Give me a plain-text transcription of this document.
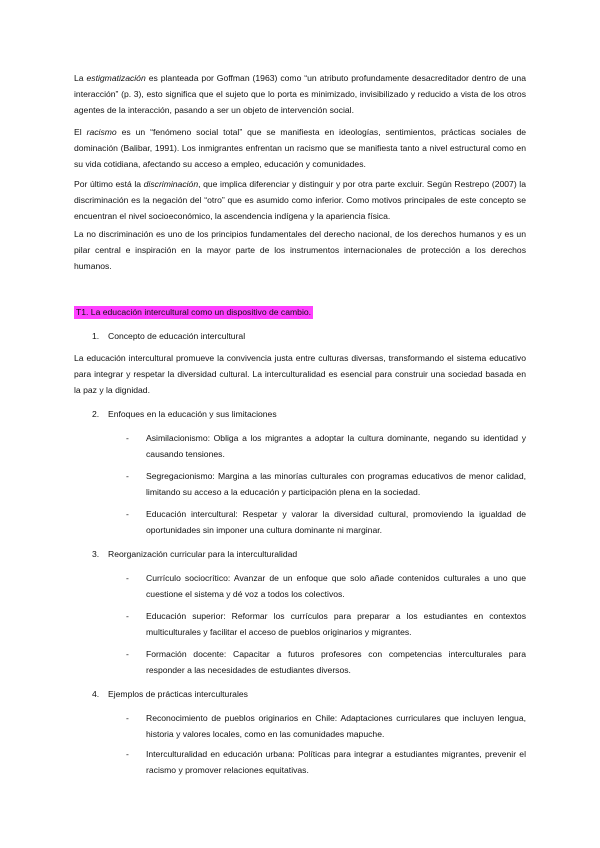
La estigmatización es planteada por Goffman (1963) como “un atributo profundamente desacreditador dentro de una interacción” (p. 3), esto significa que el sujeto que lo porta es minimizado, invisibilizado y reducido a vista de los otros agentes de la interacción, pasando a ser un objeto de intervención social.

El racismo es un “fenómeno social total” que se manifiesta en ideologías, sentimientos, prácticas sociales de dominación (Balibar, 1991). Los inmigrantes enfrentan un racismo que se manifiesta tanto a nivel estructural como en su vida cotidiana, afectando su acceso a empleo, educación y comunidades.

Por último está la discriminación, que implica diferenciar y distinguir y por otra parte excluir. Según Restrepo (2007) la discriminación es la negación del “otro” que es asumido como inferior. Como motivos principales de este concepto se encuentran el nivel socioeconómico, la ascendencia indígena y la apariencia física.

La no discriminación es uno de los principios fundamentales del derecho nacional, de los derechos humanos y es un pilar central e inspiración en la mayor parte de los instrumentos internacionales de protección a los derechos humanos.

T1. La educación intercultural como un dispositivo de cambio.

1. Concepto de educación intercultural

La educación intercultural promueve la convivencia justa entre culturas diversas, transformando el sistema educativo para integrar y respetar la diversidad cultural. La interculturalidad es esencial para construir una sociedad basada en la paz y la dignidad.

2. Enfoques en la educación y sus limitaciones

- Asimilacionismo: Obliga a los migrantes a adoptar la cultura dominante, negando su identidad y causando tensiones.

- Segregacionismo: Margina a las minorías culturales con programas educativos de menor calidad, limitando su acceso a la educación y participación plena en la sociedad.

- Educación intercultural: Respetar y valorar la diversidad cultural, promoviendo la igualdad de oportunidades sin imponer una cultura dominante ni marginar.

3. Reorganización curricular para la interculturalidad

- Currículo sociocrítico: Avanzar de un enfoque que solo añade contenidos culturales a uno que cuestione el sistema y dé voz a todos los colectivos.

- Educación superior: Reformar los currículos para preparar a los estudiantes en contextos multiculturales y facilitar el acceso de pueblos originarios y migrantes.

- Formación docente: Capacitar a futuros profesores con competencias interculturales para responder a las necesidades de estudiantes diversos.

4. Ejemplos de prácticas interculturales

- Reconocimiento de pueblos originarios en Chile: Adaptaciones curriculares que incluyen lengua, historia y valores locales, como en las comunidades mapuche.

- Interculturalidad en educación urbana: Políticas para integrar a estudiantes migrantes, prevenir el racismo y promover relaciones equitativas.
